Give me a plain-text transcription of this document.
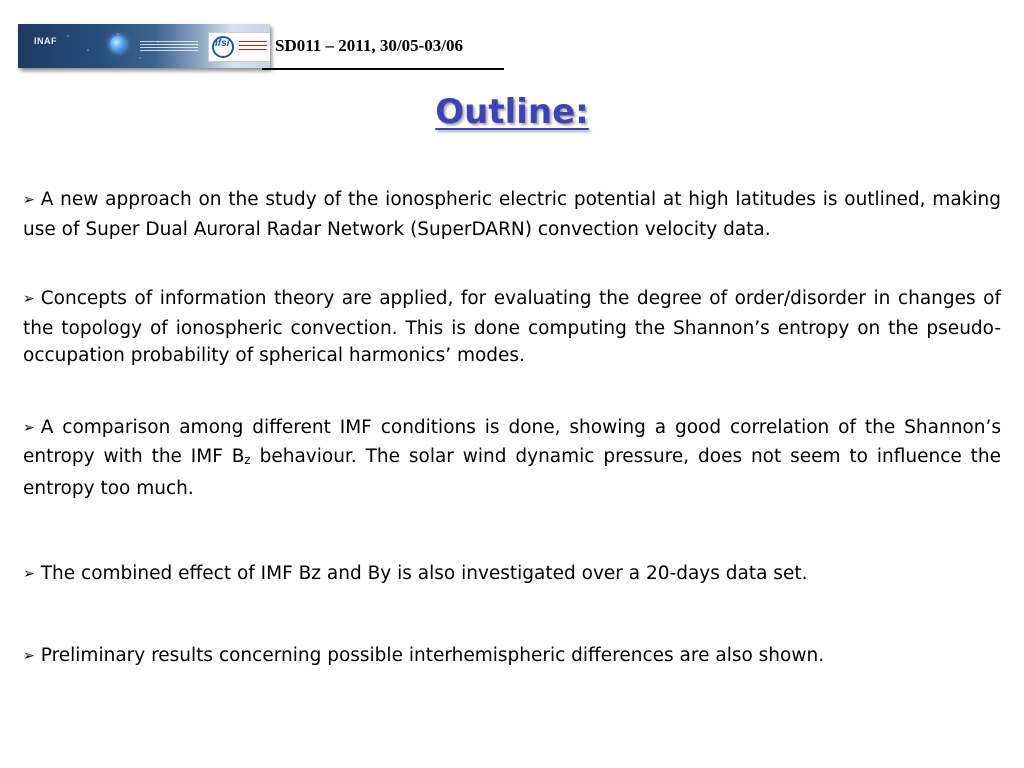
INAF	ifsi	SD011 – 2011, 30/05-03/06
Outline:

➢ A new approach on the study of the ionospheric electric potential at high latitudes is outlined, making use of Super Dual Auroral Radar Network (SuperDARN) convection velocity data.

➢ Concepts of information theory are applied, for evaluating the degree of order/disorder in changes of the topology of ionospheric convection. This is done computing the Shannon’s entropy on the pseudo-occupation probability of spherical harmonics’ modes.

➢ A comparison among different IMF conditions is done, showing a good correlation of the Shannon’s entropy with the IMF $B_z$ behaviour. The solar wind dynamic pressure, does not seem to influence the entropy too much.

➢ The combined effect of IMF Bz and By is also investigated over a 20-days data set.

➢ Preliminary results concerning possible interhemispheric differences are also shown.
